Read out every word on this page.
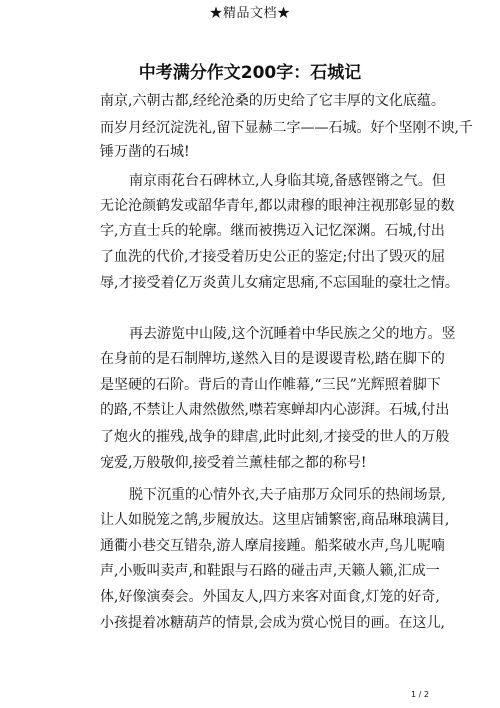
★精品文档★
中考满分作文200字：石城记
南京,六朝古都,经纶沧桑的历史给了它丰厚的文化底蕴。
而岁月经沉淀洗礼,留下显赫二字——石城。好个坚刚不谀,千
锤万凿的石城!
南京雨花台石碑林立,人身临其境,备感铿锵之气。但
无论沧颜鹤发或韶华青年,都以肃穆的眼神注视那彰显的数
字,方直士兵的轮廓。继而被携迈入记忆深渊。石城,付出
了血洗的代价,才接受着历史公正的鉴定;付出了毁灭的屈
辱,才接受着亿万炎黄儿女痛定思痛,不忘国耻的豪壮之情。
再去游览中山陵,这个沉睡着中华民族之父的地方。竖
在身前的是石制牌坊,遂然入目的是谡谡青松,踏在脚下的
是坚硬的石阶。背后的青山作帷幕,“三民”光辉照着脚下
的路,不禁让人肃然傲然,噤若寒蝉却内心澎湃。石城,付出
了炮火的摧残,战争的肆虐,此时此刻,才接受的世人的万般
宠爱,万般敬仰,接受着兰薰桂郁之都的称号!
脱下沉重的心情外衣,夫子庙那万众同乐的热闹场景,
让人如脱笼之鹄,步履放达。这里店铺繁密,商品琳琅满目,
通衢小巷交互错杂,游人摩肩接踵。船桨破水声,鸟儿呢喃
声,小贩叫卖声,和鞋跟与石路的碰击声,天籁人籁,汇成一
体,好像演奏会。外国友人,四方来客对面食,灯笼的好奇,
小孩提着冰糖葫芦的情景,会成为赏心悦目的画。在这儿,
1 / 2
